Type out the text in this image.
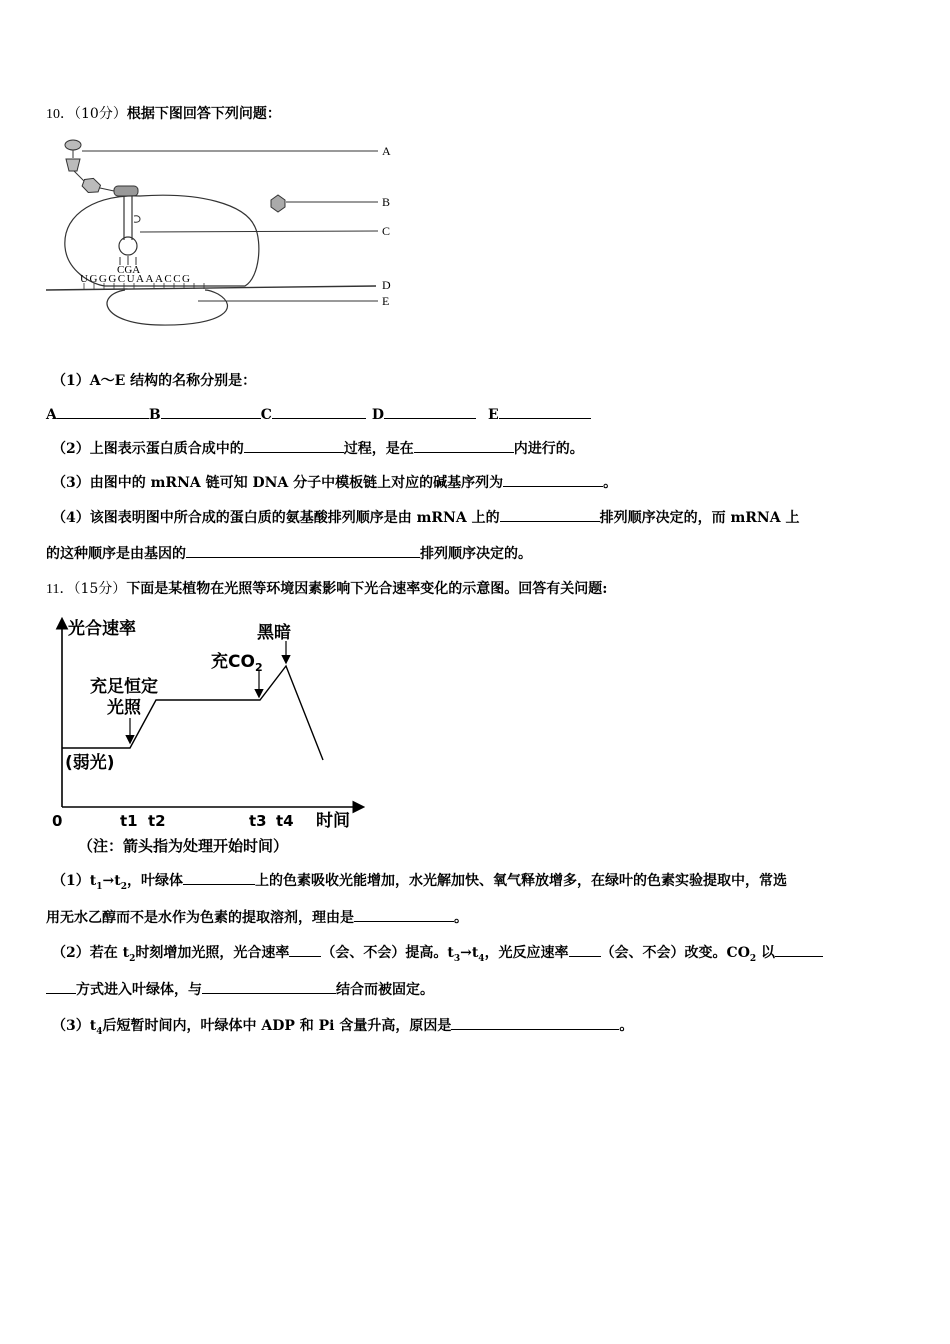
10．（10分）根据下图回答下列问题：
A
B
C
CGA
UGGGCUAAACCG	D
E
（1）A～E 结构的名称分别是：
A	B	C	D	E
（2）上图表示蛋白质合成中的	过程，是在	内进行的。
（3）由图中的 mRNA 链可知 DNA 分子中模板链上对应的碱基序列为	。
（4）该图表明图中所合成的蛋白质的氨基酸排列顺序是由 mRNA 上的	排列顺序决定的，而 mRNA 上
的这种顺序是由基因的	排列顺序决定的。
11．（15分）下面是某植物在光照等环境因素影响下光合速率变化的示意图。回答有关问题:
光合速率
时间
0	t1 t2	t3 t4
(弱光)
充足恒定
光照
充$CO_2$
黑暗
（注：箭头指为处理开始时间）
$(1)t_1\to t_2$，叶绿体	上的色素吸收光能增加，水光解加快、氧气释放增多，在绿叶的色素实验提取中，常选
用无水乙醇而不是水作为色素的提取溶剂，理由是	。
（2）若在 $t_2$时刻增加光照，光合速率 （会、不会）提高。$t_3\to t_4$，光反应速率 （会、不会）改变。$CO_2$ 以
方式进入叶绿体，与	结合而被固定。
$(3)t_4$后短暂时间内，叶绿体中 ADP 和 Pi 含量升高，原因是	。
